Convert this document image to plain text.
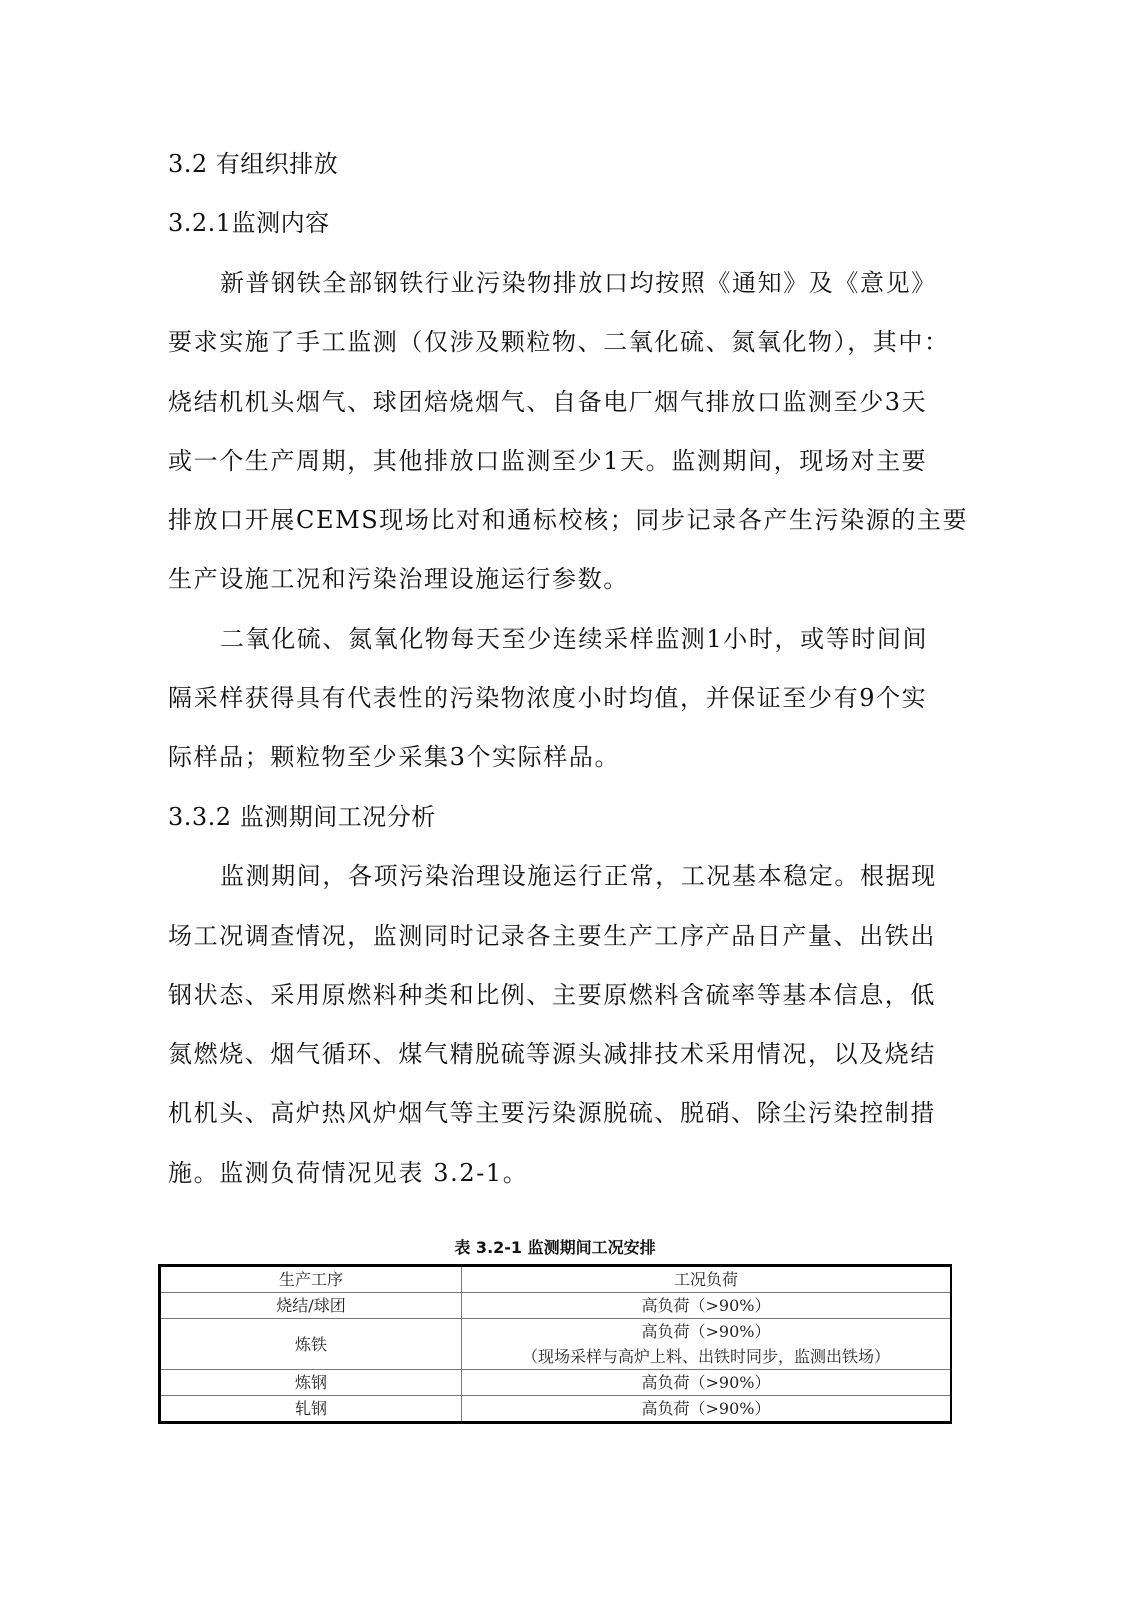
3.2 有组织排放
3.2.1监测内容
新普钢铁全部钢铁行业污染物排放口均按照《通知》及《意见》
要求实施了手工监测（仅涉及颗粒物、二氧化硫、氮氧化物），其中：
烧结机机头烟气、球团焙烧烟气、自备电厂烟气排放口监测至少3天
或一个生产周期，其他排放口监测至少1天。监测期间，现场对主要
排放口开展CEMS现场比对和通标校核；同步记录各产生污染源的主要
生产设施工况和污染治理设施运行参数。
二氧化硫、氮氧化物每天至少连续采样监测1小时，或等时间间
隔采样获得具有代表性的污染物浓度小时均值，并保证至少有9个实
际样品；颗粒物至少采集3个实际样品。
3.3.2 监测期间工况分析
监测期间，各项污染治理设施运行正常，工况基本稳定。根据现
场工况调查情况，监测同时记录各主要生产工序产品日产量、出铁出
钢状态、采用原燃料种类和比例、主要原燃料含硫率等基本信息，低
氮燃烧、烟气循环、煤气精脱硫等源头减排技术采用情况，以及烧结
机机头、高炉热风炉烟气等主要污染源脱硫、脱硝、除尘污染控制措
施。监测负荷情况见表 3.2-1。
表 3.2-1 监测期间工况安排
生产工序	工况负荷
烧结/球团	高负荷（>90%）
炼铁	高负荷（>90%）
（现场采样与高炉上料、出铁时同步，监测出铁场）

炼钢	高负荷（>90%）
轧钢	高负荷（>90%）
